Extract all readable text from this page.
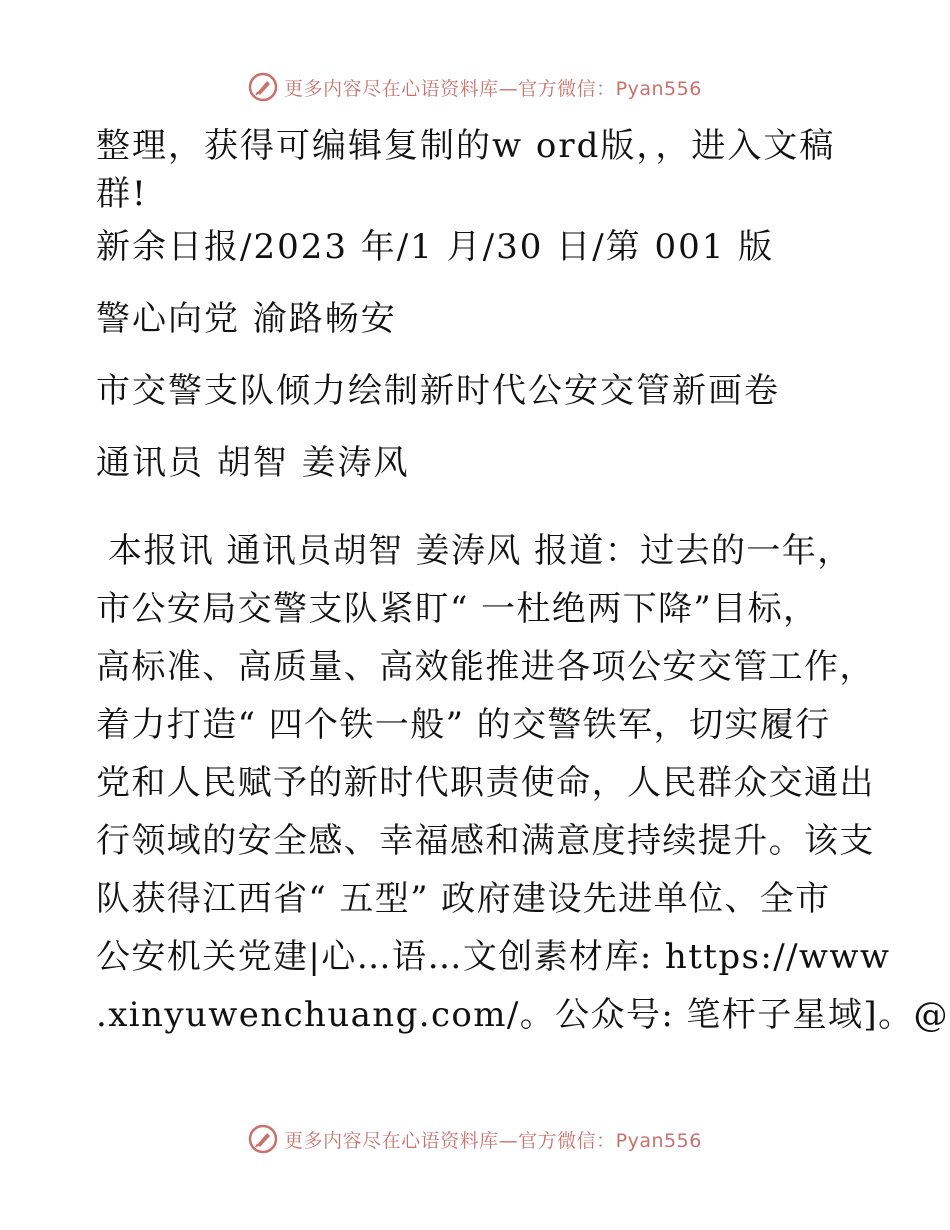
更多内容尽在心语资料库—官方微信：Pyan556
整理，获得可编辑复制的w ord版，，进入文稿
群!
新余日报/2023 年/1 月/30 日/第 001 版
警心向党 渝路畅安
市交警支队倾力绘制新时代公安交管新画卷
通讯员 胡智 姜涛风
本报讯 通讯员胡智 姜涛风 报道：过去的一年，
市公安局交警支队紧盯“ 一杜绝两下降”目标，
高标准、高质量、高效能推进各项公安交管工作，
着力打造“ 四个铁一般” 的交警铁军，切实履行
党和人民赋予的新时代职责使命，人民群众交通出
行领域的安全感、幸福感和满意度持续提升。该支
队获得江西省“ 五型” 政府建设先进单位、全市
公安机关党建|心…语…文创素材库: https://www
.xinyuwenchuang.com/。公众号: 笔杆子星域]。@
更多内容尽在心语资料库—官方微信：Pyan556
